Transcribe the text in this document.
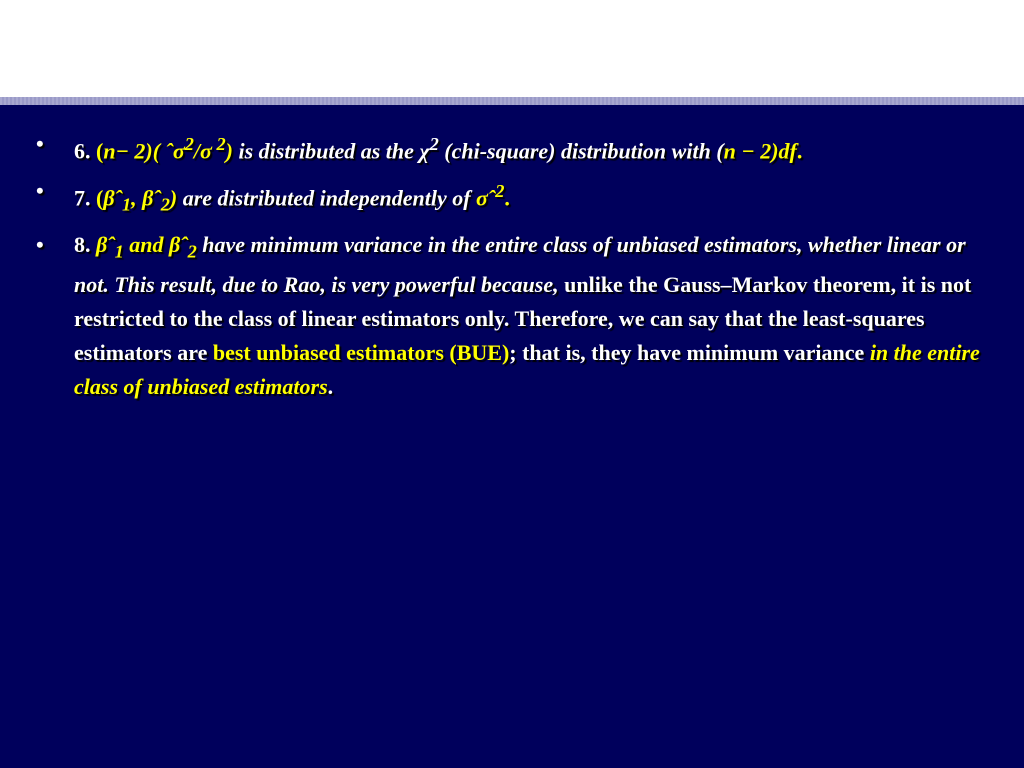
• 6. (n− 2)( ˆσ$^2$/σ $^2$) is distributed as the $\chi^2$ (chi-square) distribution with (n − 2)df.
• 7. (βˆ$_1$, βˆ$_2$) are distributed independently of σˆ$^2$.
• 8. βˆ$_1$ and βˆ$_2$ have minimum variance in the entire class of unbiased estimators, whether linear or not. This result, due to Rao, is very powerful because, unlike the Gauss–Markov theorem, it is not restricted to the class of linear estimators only. Therefore, we can say that the least-squares estimators are best unbiased estimators (BUE); that is, they have minimum variance in the entire class of unbiased estimators.
